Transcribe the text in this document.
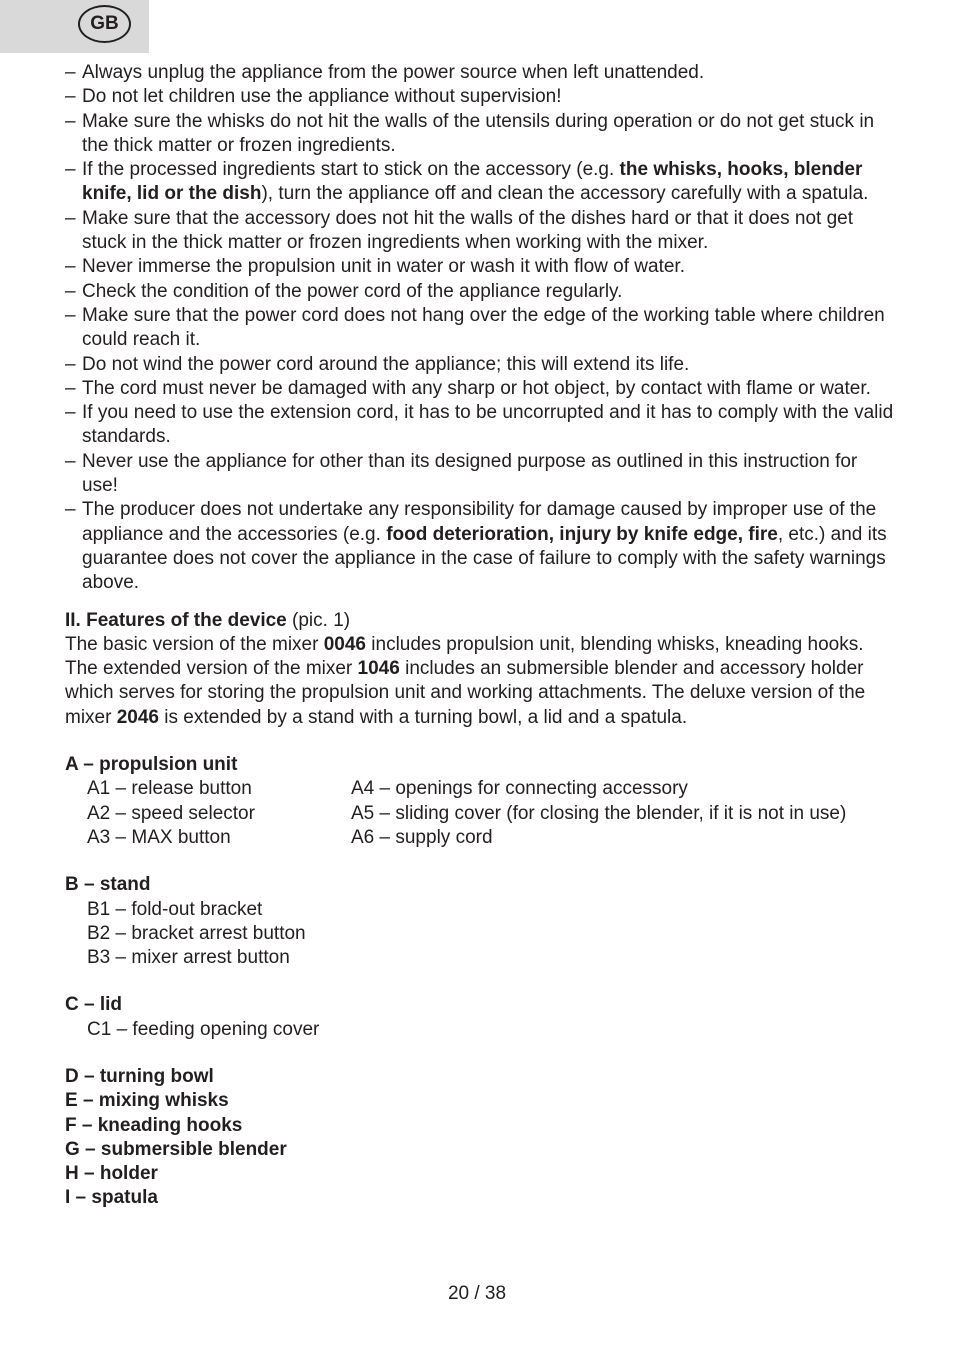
GB
– Always unplug the appliance from the power source when left unattended.
– Do not let children use the appliance without supervision!
– Make sure the whisks do not hit the walls of the utensils during operation or do not get stuck in the thick matter or frozen ingredients.
– If the processed ingredients start to stick on the accessory (e.g. the whisks, hooks, blender knife, lid or the dish), turn the appliance off and clean the accessory carefully with a spatula.
– Make sure that the accessory does not hit the walls of the dishes hard or that it does not get stuck in the thick matter or frozen ingredients when working with the mixer.
– Never immerse the propulsion unit in water or wash it with flow of water.
– Check the condition of the power cord of the appliance regularly.
– Make sure that the power cord does not hang over the edge of the working table where children could reach it.
– Do not wind the power cord around the appliance; this will extend its life.
– The cord must never be damaged with any sharp or hot object, by contact with flame or water.
– If you need to use the extension cord, it has to be uncorrupted and it has to comply with the valid standards.
– Never use the appliance for other than its designed purpose as outlined in this instruction for use!
– The producer does not undertake any responsibility for damage caused by improper use of the appliance and the accessories (e.g. food deterioration, injury by knife edge, fire, etc.) and its guarantee does not cover the appliance in the case of failure to comply with the safety warnings above.
II. Features of the device (pic. 1)
The basic version of the mixer 0046 includes propulsion unit, blending whisks, kneading hooks. The extended version of the mixer 1046 includes an submersible blender and accessory holder which serves for storing the propulsion unit and working attachments. The deluxe version of the mixer 2046 is extended by a stand with a turning bowl, a lid and a spatula.
A – propulsion unit
A1 – release button
A2 – speed selector
A3 – MAX button
A4 – openings for connecting accessory
A5 – sliding cover (for closing the blender, if it is not in use)
A6 – supply cord
B – stand
B1 – fold-out bracket
B2 – bracket arrest button
B3 – mixer arrest button
C – lid
C1 – feeding opening cover
D – turning bowl
E – mixing whisks
F – kneading hooks
G – submersible blender
H – holder
I – spatula
20 / 38
